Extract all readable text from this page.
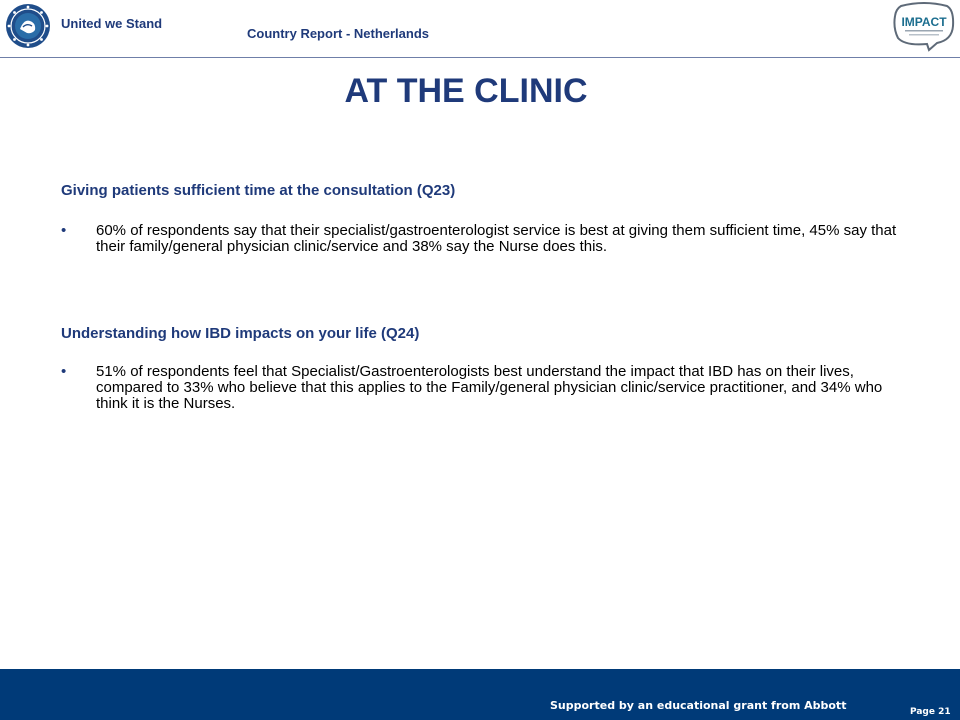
United we Stand
Country Report - Netherlands
IMPACT
AT THE CLINIC
Giving patients sufficient time at the consultation (Q23)
• 60% of respondents say that their specialist/gastroenterologist service is best at giving them sufficient time, 45% say that their family/general physician clinic/service and 38% say the Nurse does this.
Understanding how IBD impacts on your life (Q24)
• 51% of respondents feel that Specialist/Gastroenterologists best understand the impact that IBD has on their lives, compared to 33% who believe that this applies to the Family/general physician clinic/service practitioner, and 34% who think it is the Nurses.
Supported by an educational grant from Abbott	Page 21
